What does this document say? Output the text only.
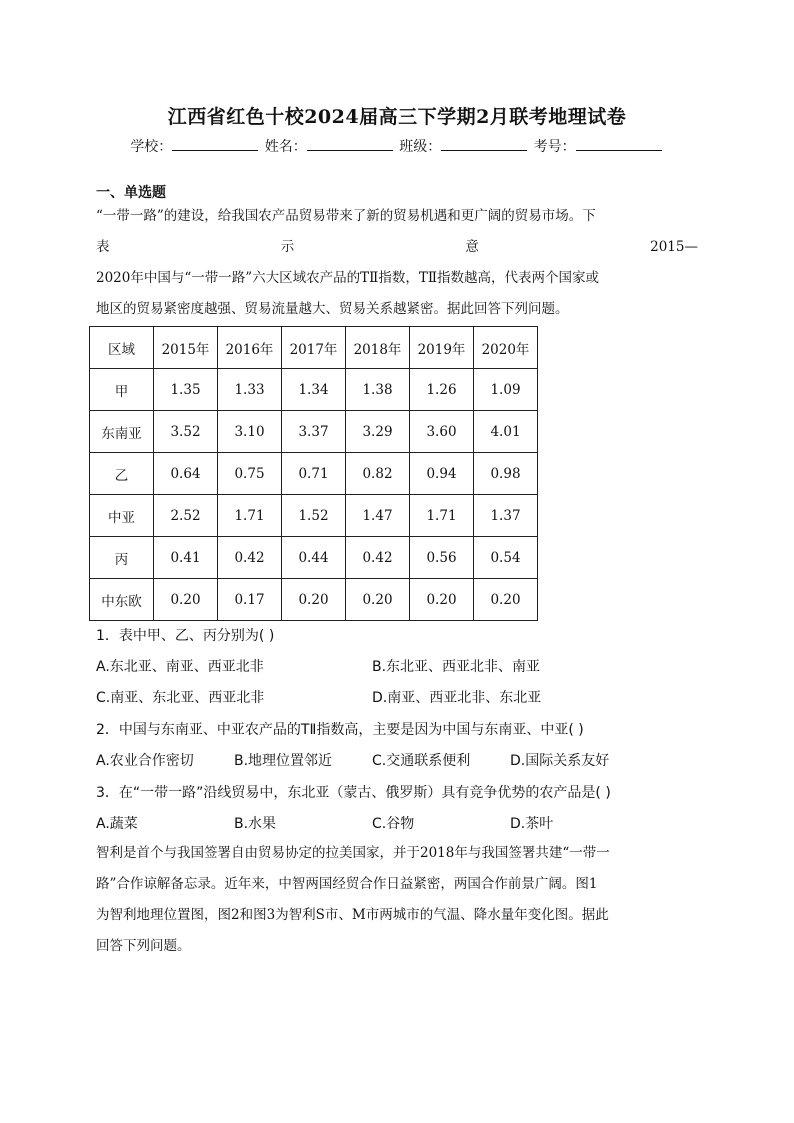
江西省红色十校2024届高三下学期2月联考地理试卷
学校：	姓名：	班级：	考号：
一、单选题
“一带一路”的建设，给我国农产品贸易带来了新的贸易机遇和更广阔的贸易市场。下
表	示	意	2015—
2020年中国与“一带一路”六大区域农产品的TⅡ指数，TⅡ指数越高，代表两个国家或
地区的贸易紧密度越强、贸易流量越大、贸易关系越紧密。据此回答下列问题。
区域	2015年	2016年	2017年	2018年	2019年	2020年
甲	1.35	1.33	1.34	1.38	1.26	1.09
东南亚	3.52	3.10	3.37	3.29	3.60	4.01
乙	0.64	0.75	0.71	0.82	0.94	0.98
中亚	2.52	1.71	1.52	1.47	1.71	1.37
丙	0.41	0.42	0.44	0.42	0.56	0.54
中东欧	0.20	0.17	0.20	0.20	0.20	0.20
1．表中甲、乙、丙分别为( )
A.东北亚、南亚、西亚北非	B.东北亚、西亚北非、南亚
C.南亚、东北亚、西亚北非	D.南亚、西亚北非、东北亚
2．中国与东南亚、中亚农产品的TⅡ指数高，主要是因为中国与东南亚、中亚( )
A.农业合作密切	B.地理位置邻近	C.交通联系便利	D.国际关系友好
3．在“一带一路”沿线贸易中，东北亚（蒙古、俄罗斯）具有竞争优势的农产品是( )
A.蔬菜	B.水果	C.谷物	D.茶叶
智利是首个与我国签署自由贸易协定的拉美国家，并于2018年与我国签署共建“一带一
路”合作谅解备忘录。近年来，中智两国经贸合作日益紧密，两国合作前景广阔。图1
为智利地理位置图，图2和图3为智利S市、M市两城市的气温、降水量年变化图。据此
回答下列问题。
